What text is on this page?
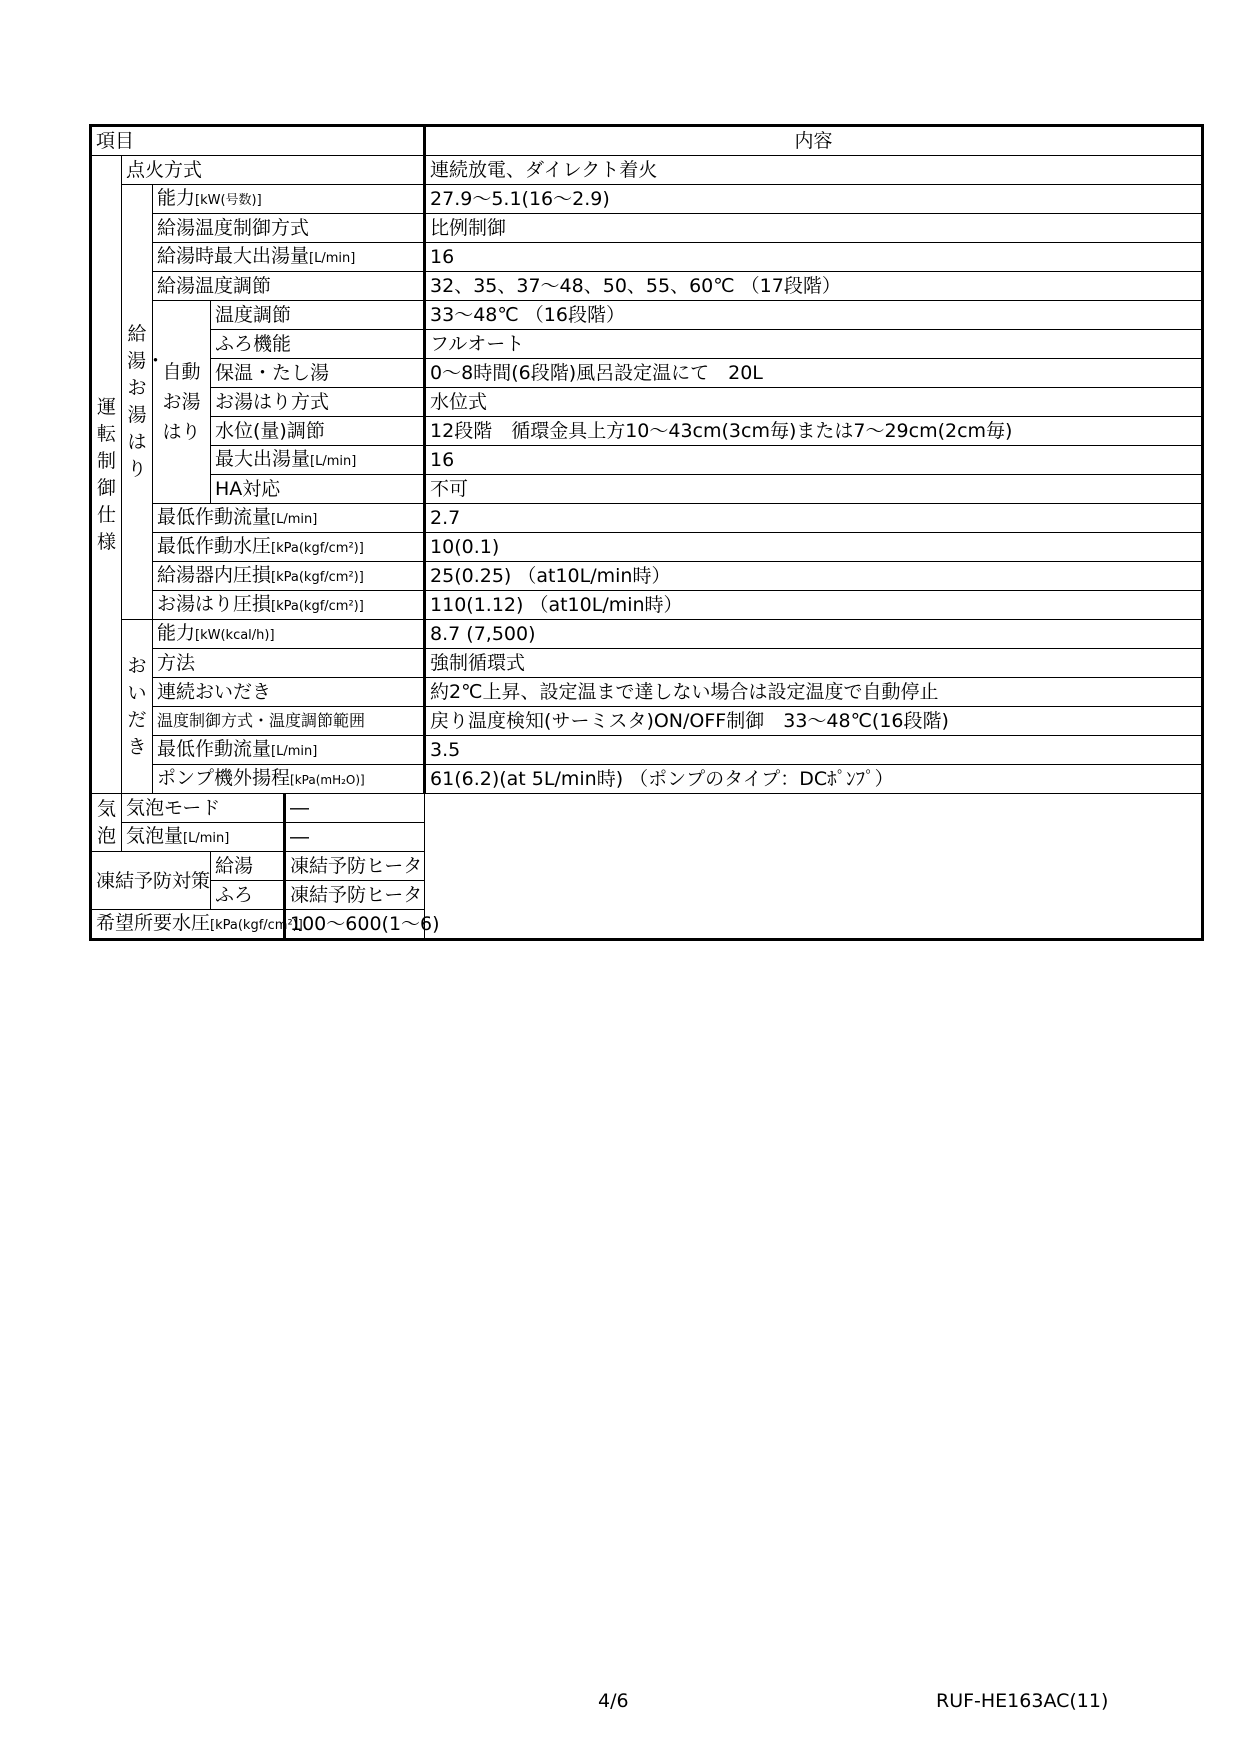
項目					内容
運転制御仕様	点火方式				連続放電、ダイレクト着火
	給湯・お湯はり	能力[kW(号数)]			27.9～5.1(16～2.9)
		給湯温度制御方式			比例制御
		給湯時最大出湯量[L/min]			16
		給湯温度調節			32、35、37～48、50、55、60℃ （17段階）
		自動お湯はり	温度調節		33～48℃ （16段階）
			ふろ機能		フルオート
			保温・たし湯		0～8時間(6段階)風呂設定温にて　20L
			お湯はり方式		水位式
			水位(量)調節		12段階　循環金具上方10～43cm(3cm毎)または7～29cm(2cm毎)
			最大出湯量[L/min]		16
			HA対応		不可
		最低作動流量[L/min]			2.7
		最低作動水圧[kPa(kgf/cm²)]			10(0.1)
		給湯器内圧損[kPa(kgf/cm²)]			25(0.25) （at10L/min時）
		お湯はり圧損[kPa(kgf/cm²)]			110(1.12) （at10L/min時）
	おいだき	能力[kW(kcal/h)]			8.7 (7,500)
		方法			強制循環式
		連続おいだき			約2℃上昇、設定温まで達しない場合は設定温度で自動停止
		温度制御方式・温度調節範囲			戻り温度検知(サーミスタ)ON/OFF制御　33～48℃(16段階)
		最低作動流量[L/min]			3.5
		ポンプ機外揚程[kPa(mH₂O)]			61(6.2)(at 5L/min時) （ポンプのタイプ：DCﾎﾟﾝﾌﾟ）
気泡	気泡モード			―	
	気泡量[L/min]			―	
凍結予防対策			給湯	凍結予防ヒータ	
			ふろ	凍結予防ヒータ	
希望所要水圧[kPa(kgf/cm²)]				100～600(1～6)	
4/6	RUF-HE163AC(11)
